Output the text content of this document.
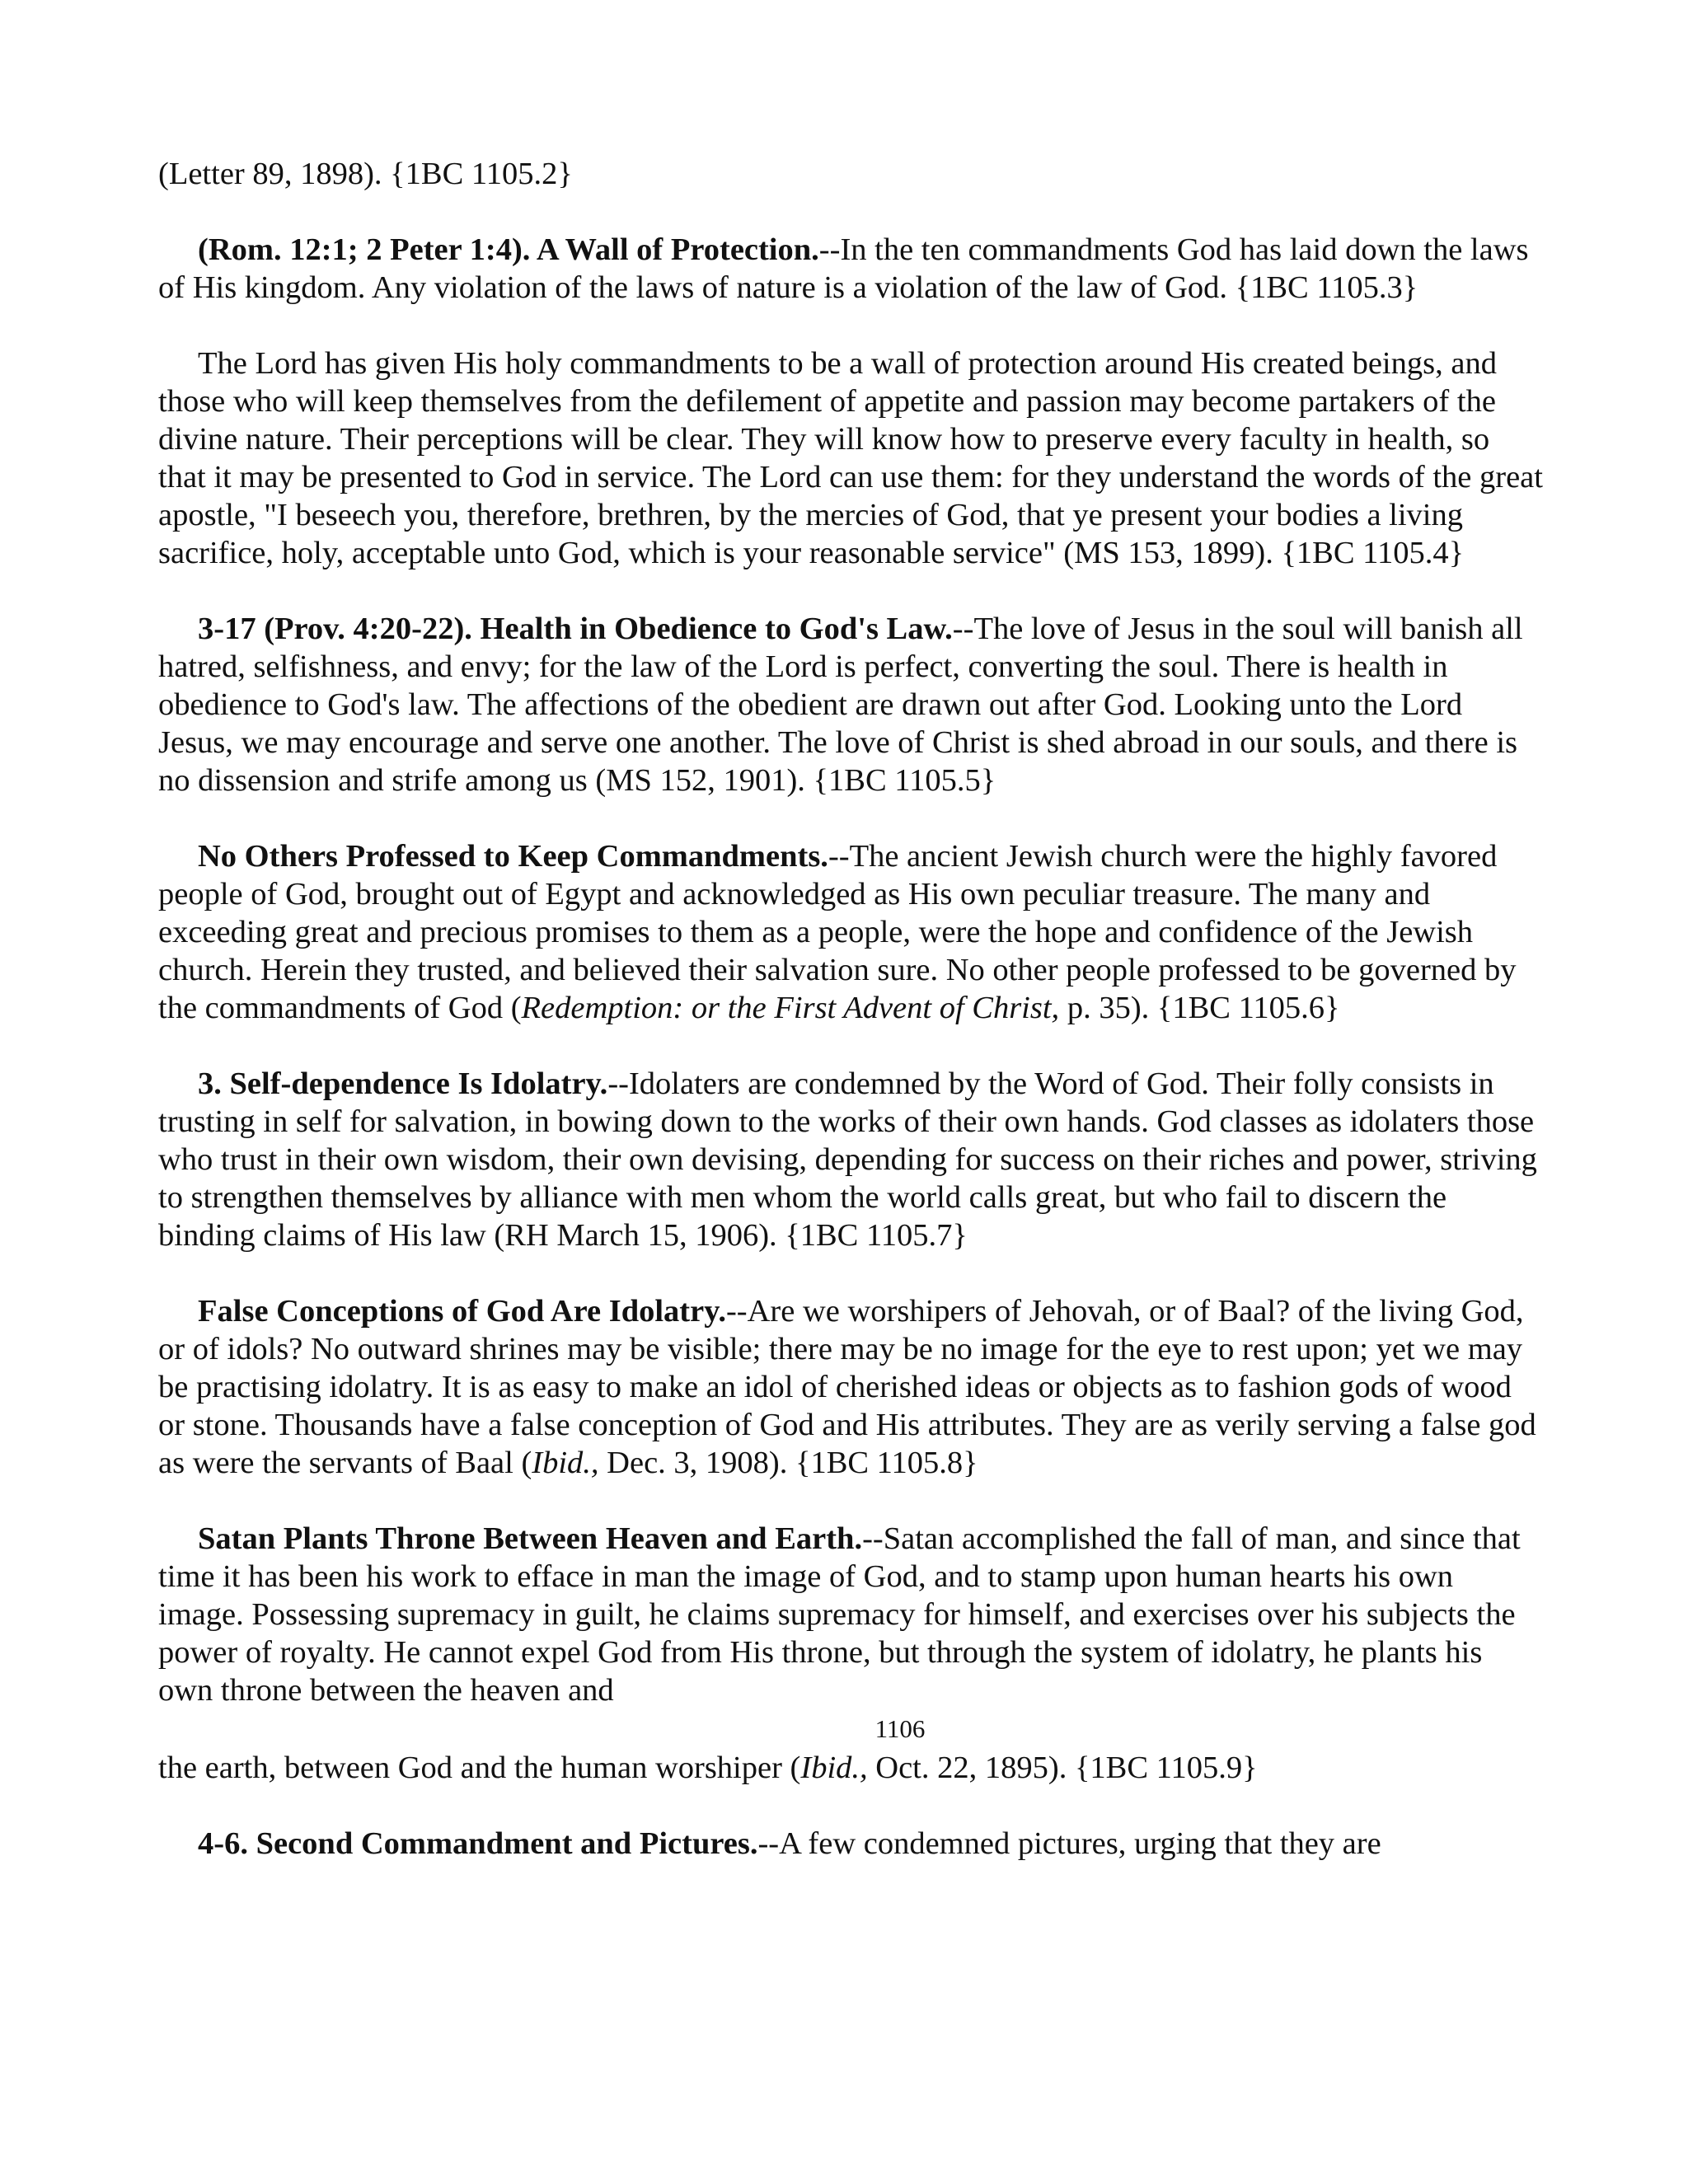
(Letter 89, 1898). {1BC 1105.2}

(Rom. 12:1; 2 Peter 1:4). A Wall of Protection.--In the ten commandments God has laid down the laws of His kingdom. Any violation of the laws of nature is a violation of the law of God. {1BC 1105.3}

The Lord has given His holy commandments to be a wall of protection around His created beings, and those who will keep themselves from the defilement of appetite and passion may become partakers of the divine nature. Their perceptions will be clear. They will know how to preserve every faculty in health, so that it may be presented to God in service. The Lord can use them: for they understand the words of the great apostle, "I beseech you, therefore, brethren, by the mercies of God, that ye present your bodies a living sacrifice, holy, acceptable unto God, which is your reasonable service" (MS 153, 1899). {1BC 1105.4}

3-17 (Prov. 4:20-22). Health in Obedience to God's Law.--The love of Jesus in the soul will banish all hatred, selfishness, and envy; for the law of the Lord is perfect, converting the soul. There is health in obedience to God's law. The affections of the obedient are drawn out after God. Looking unto the Lord Jesus, we may encourage and serve one another. The love of Christ is shed abroad in our souls, and there is no dissension and strife among us (MS 152, 1901). {1BC 1105.5}

No Others Professed to Keep Commandments.--The ancient Jewish church were the highly favored people of God, brought out of Egypt and acknowledged as His own peculiar treasure. The many and exceeding great and precious promises to them as a people, were the hope and confidence of the Jewish church. Herein they trusted, and believed their salvation sure. No other people professed to be governed by the commandments of God (Redemption: or the First Advent of Christ, p. 35). {1BC 1105.6}

3. Self-dependence Is Idolatry.--Idolaters are condemned by the Word of God. Their folly consists in trusting in self for salvation, in bowing down to the works of their own hands. God classes as idolaters those who trust in their own wisdom, their own devising, depending for success on their riches and power, striving to strengthen themselves by alliance with men whom the world calls great, but who fail to discern the binding claims of His law (RH March 15, 1906). {1BC 1105.7}

False Conceptions of God Are Idolatry.--Are we worshipers of Jehovah, or of Baal? of the living God, or of idols? No outward shrines may be visible; there may be no image for the eye to rest upon; yet we may be practising idolatry. It is as easy to make an idol of cherished ideas or objects as to fashion gods of wood or stone. Thousands have a false conception of God and His attributes. They are as verily serving a false god as were the servants of Baal (Ibid., Dec. 3, 1908). {1BC 1105.8}

Satan Plants Throne Between Heaven and Earth.--Satan accomplished the fall of man, and since that time it has been his work to efface in man the image of God, and to stamp upon human hearts his own image. Possessing supremacy in guilt, he claims supremacy for himself, and exercises over his subjects the power of royalty. He cannot expel God from His throne, but through the system of idolatry, he plants his own throne between the heaven and

1106

the earth, between God and the human worshiper (Ibid., Oct. 22, 1895). {1BC 1105.9}

4-6. Second Commandment and Pictures.--A few condemned pictures, urging that they are
